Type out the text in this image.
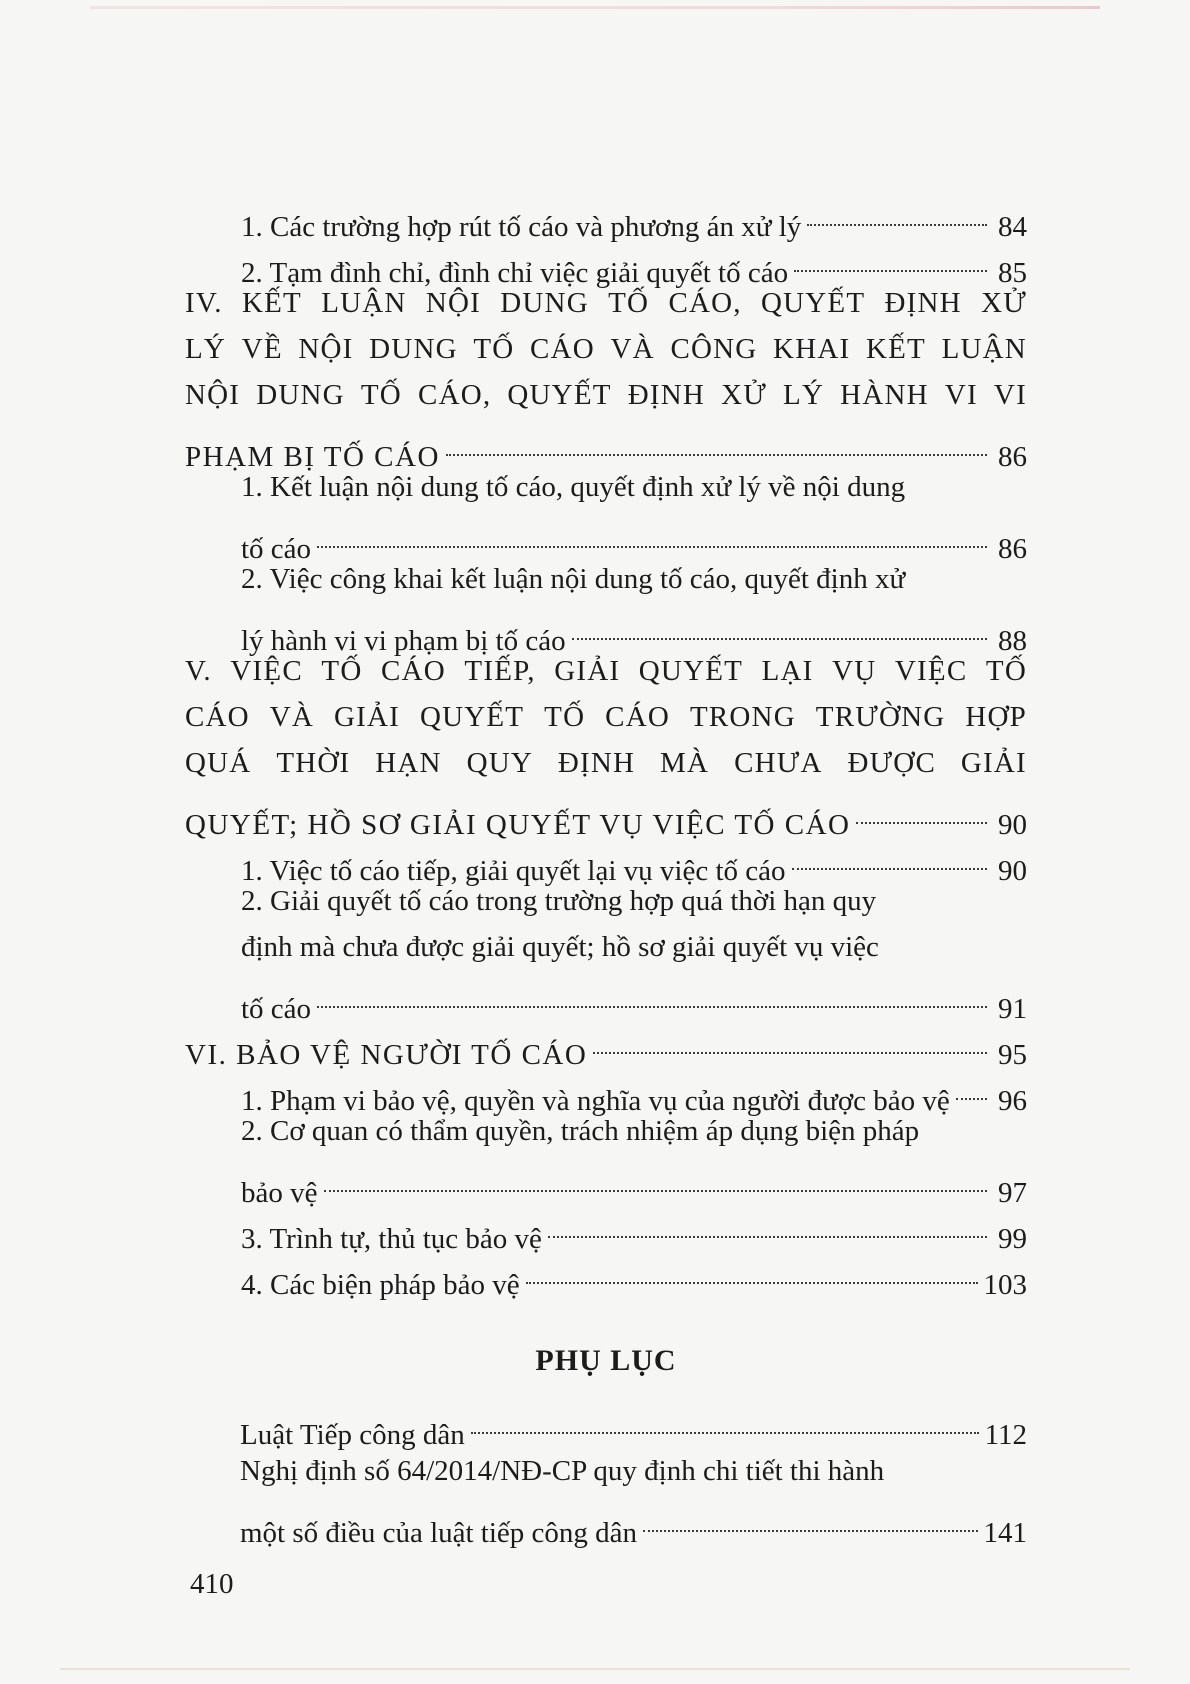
1. Các trường hợp rút tố cáo và phương án xử lý	84
2. Tạm đình chỉ, đình chỉ việc giải quyết tố cáo	85
IV. KẾT LUẬN NỘI DUNG TỐ CÁO, QUYẾT ĐỊNH XỬ
LÝ VỀ NỘI DUNG TỐ CÁO VÀ CÔNG KHAI KẾT LUẬN
NỘI DUNG TỐ CÁO, QUYẾT ĐỊNH XỬ LÝ HÀNH VI VI
PHẠM BỊ TỐ CÁO	86
1. Kết luận nội dung tố cáo, quyết định xử lý về nội dung
tố cáo	86
2. Việc công khai kết luận nội dung tố cáo, quyết định xử
lý hành vi vi phạm bị tố cáo	88
V. VIỆC TỐ CÁO TIẾP, GIẢI QUYẾT LẠI VỤ VIỆC TỐ
CÁO VÀ GIẢI QUYẾT TỐ CÁO TRONG TRƯỜNG HỢP
QUÁ THỜI HẠN QUY ĐỊNH MÀ CHƯA ĐƯỢC GIẢI
QUYẾT; HỒ SƠ GIẢI QUYẾT VỤ VIỆC TỐ CÁO	90
1. Việc tố cáo tiếp, giải quyết lại vụ việc tố cáo	90
2. Giải quyết tố cáo trong trường hợp quá thời hạn quy
định mà chưa được giải quyết; hồ sơ giải quyết vụ việc
tố cáo	91
VI. BẢO VỆ NGƯỜI TỐ CÁO	95
1. Phạm vi bảo vệ, quyền và nghĩa vụ của người được bảo vệ 96
2. Cơ quan có thẩm quyền, trách nhiệm áp dụng biện pháp
bảo vệ	97
3. Trình tự, thủ tục bảo vệ	99
4. Các biện pháp bảo vệ	103
PHỤ LỤC
Luật Tiếp công dân	112
Nghị định số 64/2014/NĐ-CP quy định chi tiết thi hành
một số điều của luật tiếp công dân	141
410
